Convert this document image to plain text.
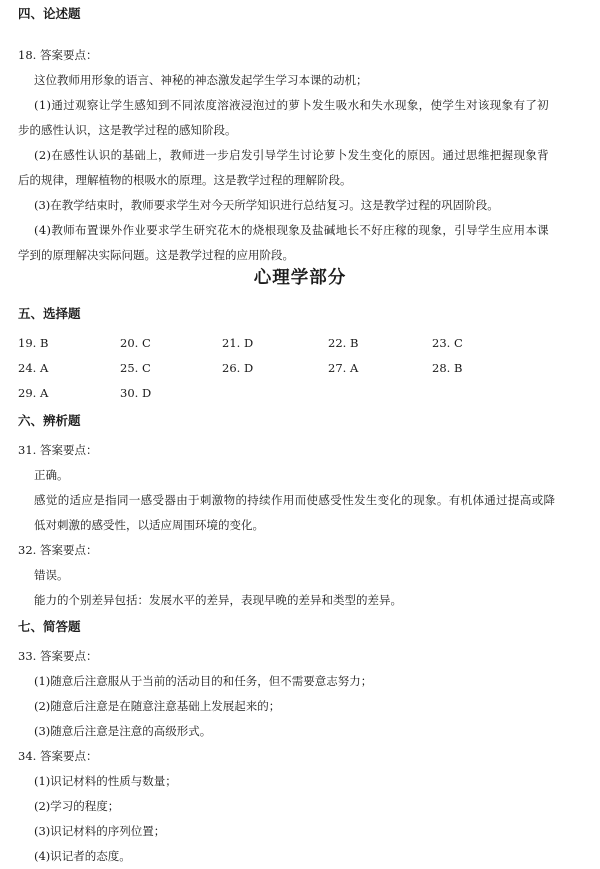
四、论述题
18. 答案要点：
这位教师用形象的语言、神秘的神态激发起学生学习本课的动机；
(1)通过观察让学生感知到不同浓度溶液浸泡过的萝卜发生吸水和失水现象，使学生对该现象有了初
步的感性认识，这是教学过程的感知阶段。
(2)在感性认识的基础上，教师进一步启发引导学生讨论萝卜发生变化的原因。通过思维把握现象背
后的规律，理解植物的根吸水的原理。这是教学过程的理解阶段。
(3)在教学结束时，教师要求学生对今天所学知识进行总结复习。这是教学过程的巩固阶段。
(4)教师布置课外作业要求学生研究花木的烧根现象及盐碱地长不好庄稼的现象，引导学生应用本课
学到的原理解决实际问题。这是教学过程的应用阶段。
心理学部分
五、选择题
19. B	20. C	21. D	22. B	23. C
24. A	25. C	26. D	27. A	28. B
29. A	30. D
六、辨析题
31. 答案要点：
正确。
感觉的适应是指同一感受器由于刺激物的持续作用而使感受性发生变化的现象。有机体通过提高或降
低对刺激的感受性，以适应周围环境的变化。
32. 答案要点：
错误。
能力的个别差异包括：发展水平的差异，表现早晚的差异和类型的差异。
七、简答题
33. 答案要点：
(1)随意后注意服从于当前的活动目的和任务，但不需要意志努力；
(2)随意后注意是在随意注意基础上发展起来的；
(3)随意后注意是注意的高级形式。
34. 答案要点：
(1)识记材料的性质与数量；
(2)学习的程度；
(3)识记材料的序列位置；
(4)识记者的态度。
